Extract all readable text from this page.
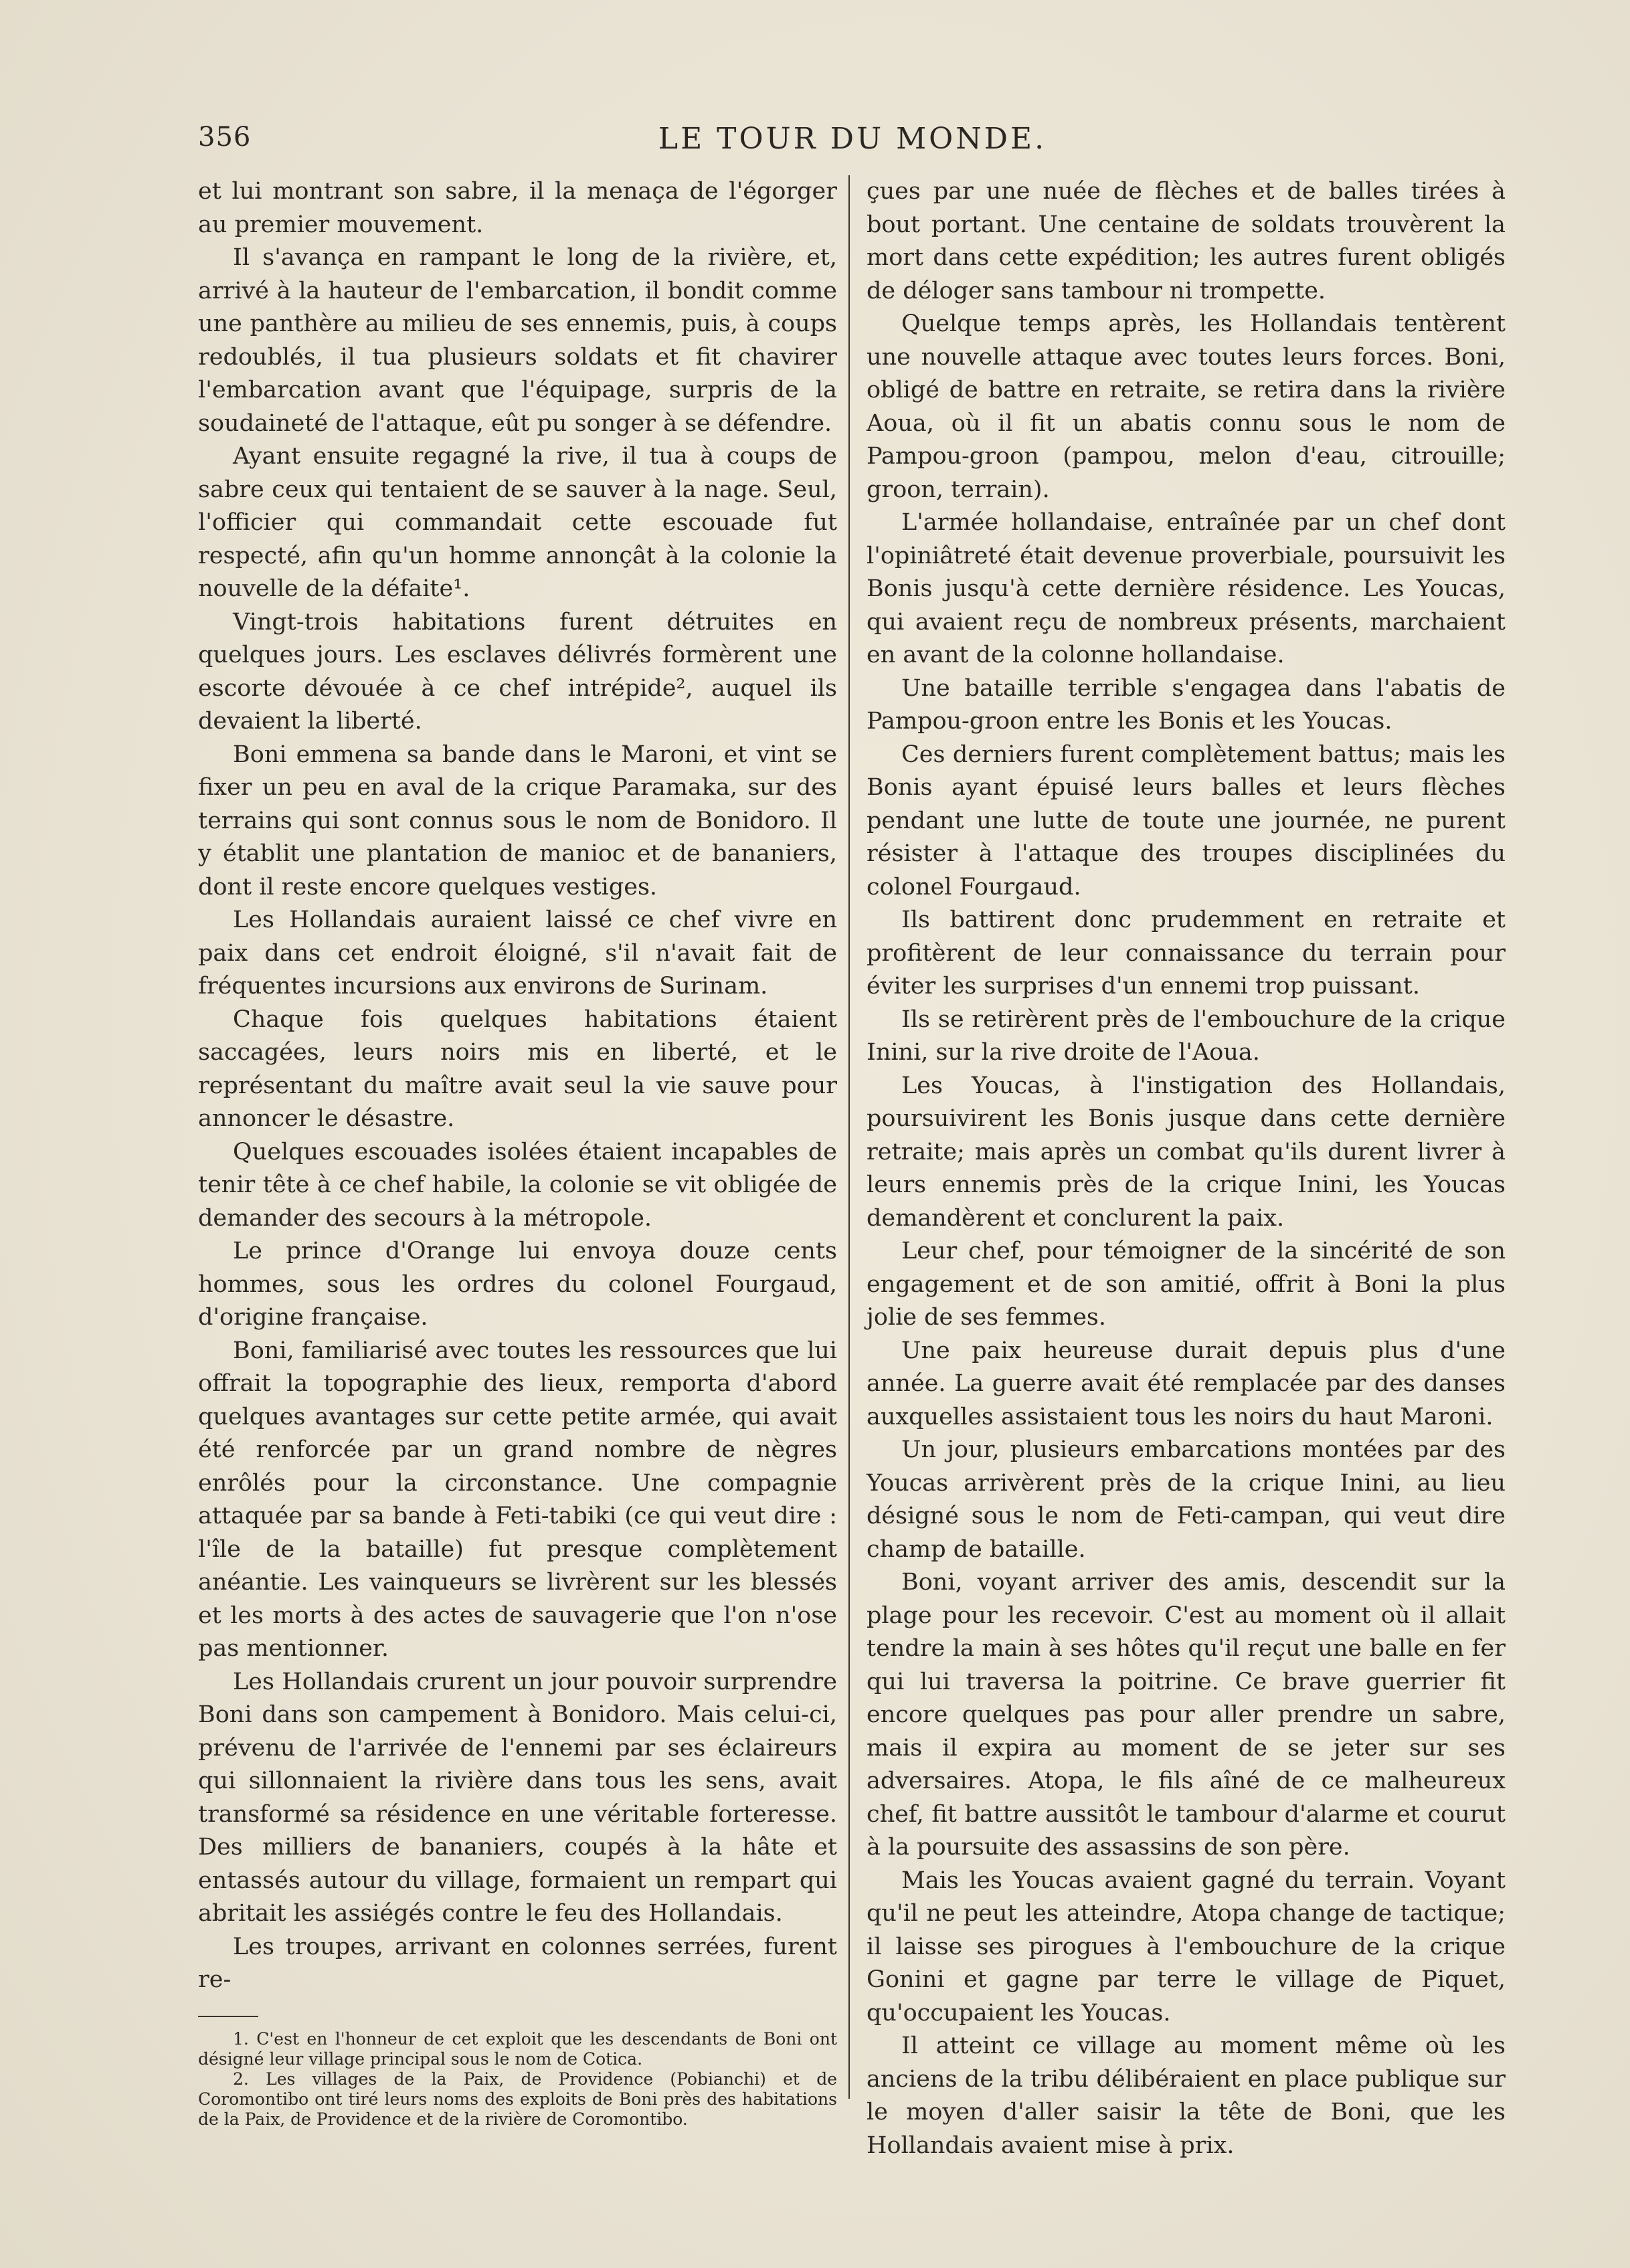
356	LE TOUR DU MONDE.

et lui montrant son sabre, il la menaça de l'égorger au premier mouvement.

Il s'avança en rampant le long de la rivière, et, arrivé à la hauteur de l'embarcation, il bondit comme une panthère au milieu de ses ennemis, puis, à coups redoublés, il tua plusieurs soldats et fit chavirer l'embarcation avant que l'équipage, surpris de la soudaineté de l'attaque, eût pu songer à se défendre.

Ayant ensuite regagné la rive, il tua à coups de sabre ceux qui tentaient de se sauver à la nage. Seul, l'officier qui commandait cette escouade fut respecté, afin qu'un homme annonçât à la colonie la nouvelle de la défaite¹.

Vingt-trois habitations furent détruites en quelques jours. Les esclaves délivrés formèrent une escorte dévouée à ce chef intrépide², auquel ils devaient la liberté.

Boni emmena sa bande dans le Maroni, et vint se fixer un peu en aval de la crique Paramaka, sur des terrains qui sont connus sous le nom de Bonidoro. Il y établit une plantation de manioc et de bananiers, dont il reste encore quelques vestiges.

Les Hollandais auraient laissé ce chef vivre en paix dans cet endroit éloigné, s'il n'avait fait de fréquentes incursions aux environs de Surinam.

Chaque fois quelques habitations étaient saccagées, leurs noirs mis en liberté, et le représentant du maître avait seul la vie sauve pour annoncer le désastre.

Quelques escouades isolées étaient incapables de tenir tête à ce chef habile, la colonie se vit obligée de demander des secours à la métropole.

Le prince d'Orange lui envoya douze cents hommes, sous les ordres du colonel Fourgaud, d'origine française.

Boni, familiarisé avec toutes les ressources que lui offrait la topographie des lieux, remporta d'abord quelques avantages sur cette petite armée, qui avait été renforcée par un grand nombre de nègres enrôlés pour la circonstance. Une compagnie attaquée par sa bande à Feti-tabiki (ce qui veut dire : l'île de la bataille) fut presque complètement anéantie. Les vainqueurs se livrèrent sur les blessés et les morts à des actes de sauvagerie que l'on n'ose pas mentionner.

Les Hollandais crurent un jour pouvoir surprendre Boni dans son campement à Bonidoro. Mais celui-ci, prévenu de l'arrivée de l'ennemi par ses éclaireurs qui sillonnaient la rivière dans tous les sens, avait transformé sa résidence en une véritable forteresse. Des milliers de bananiers, coupés à la hâte et entassés autour du village, formaient un rempart qui abritait les assiégés contre le feu des Hollandais.

Les troupes, arrivant en colonnes serrées, furent re-

1. C'est en l'honneur de cet exploit que les descendants de Boni ont désigné leur village principal sous le nom de Cotica.

2. Les villages de la Paix, de Providence (Pobianchi) et de Coromontibo ont tiré leurs noms des exploits de Boni près des habitations de la Paix, de Providence et de la rivière de Coromontibo.

çues par une nuée de flèches et de balles tirées à bout portant. Une centaine de soldats trouvèrent la mort dans cette expédition; les autres furent obligés de déloger sans tambour ni trompette.

Quelque temps après, les Hollandais tentèrent une nouvelle attaque avec toutes leurs forces. Boni, obligé de battre en retraite, se retira dans la rivière Aoua, où il fit un abatis connu sous le nom de Pampou-groon (pampou, melon d'eau, citrouille; groon, terrain).

L'armée hollandaise, entraînée par un chef dont l'opiniâtreté était devenue proverbiale, poursuivit les Bonis jusqu'à cette dernière résidence. Les Youcas, qui avaient reçu de nombreux présents, marchaient en avant de la colonne hollandaise.

Une bataille terrible s'engagea dans l'abatis de Pampou-groon entre les Bonis et les Youcas.

Ces derniers furent complètement battus; mais les Bonis ayant épuisé leurs balles et leurs flèches pendant une lutte de toute une journée, ne purent résister à l'attaque des troupes disciplinées du colonel Fourgaud.

Ils battirent donc prudemment en retraite et profitèrent de leur connaissance du terrain pour éviter les surprises d'un ennemi trop puissant.

Ils se retirèrent près de l'embouchure de la crique Inini, sur la rive droite de l'Aoua.

Les Youcas, à l'instigation des Hollandais, poursuivirent les Bonis jusque dans cette dernière retraite; mais après un combat qu'ils durent livrer à leurs ennemis près de la crique Inini, les Youcas demandèrent et conclurent la paix.

Leur chef, pour témoigner de la sincérité de son engagement et de son amitié, offrit à Boni la plus jolie de ses femmes.

Une paix heureuse durait depuis plus d'une année. La guerre avait été remplacée par des danses auxquelles assistaient tous les noirs du haut Maroni.

Un jour, plusieurs embarcations montées par des Youcas arrivèrent près de la crique Inini, au lieu désigné sous le nom de Feti-campan, qui veut dire champ de bataille.

Boni, voyant arriver des amis, descendit sur la plage pour les recevoir. C'est au moment où il allait tendre la main à ses hôtes qu'il reçut une balle en fer qui lui traversa la poitrine. Ce brave guerrier fit encore quelques pas pour aller prendre un sabre, mais il expira au moment de se jeter sur ses adversaires. Atopa, le fils aîné de ce malheureux chef, fit battre aussitôt le tambour d'alarme et courut à la poursuite des assassins de son père.

Mais les Youcas avaient gagné du terrain. Voyant qu'il ne peut les atteindre, Atopa change de tactique; il laisse ses pirogues à l'embouchure de la crique Gonini et gagne par terre le village de Piquet, qu'occupaient les Youcas.

Il atteint ce village au moment même où les anciens de la tribu délibéraient en place publique sur le moyen d'aller saisir la tête de Boni, que les Hollandais avaient mise à prix.
